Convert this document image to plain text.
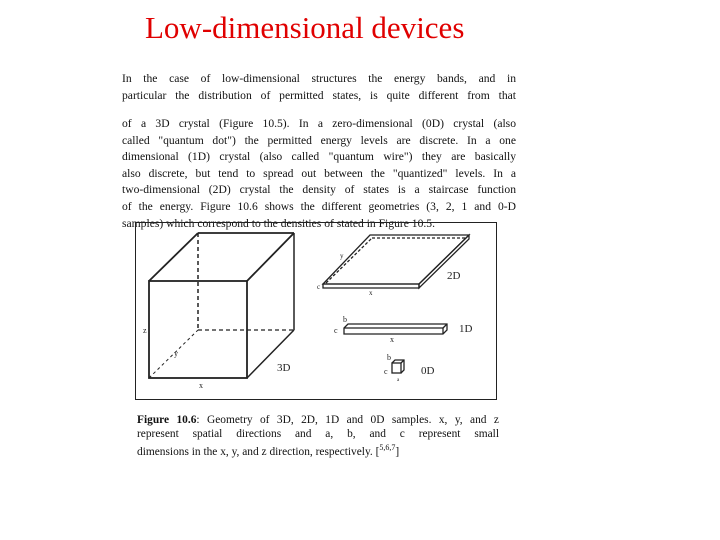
Low-dimensional devices
In the case of low-dimensional structures the energy bands, and in
particular the distribution of permitted states, is quite different from that
of a 3D crystal (Figure 10.5). In a zero-dimensional (0D) crystal (also
called "quantum dot") the permitted energy levels are discrete. In a one
dimensional (1D) crystal (also called "quantum wire") they are basically
also discrete, but tend to spread out between the "quantized" levels. In a
two-dimensional (2D) crystal the density of states is a staircase function
of the energy. Figure 10.6 shows the different geometries (3, 2, 1 and 0-D
samples) which correspond to the densities of stated in Figure 10.5.
3D
2D
1D
0D
x
y
z
x
y
c
x
b
c
a
b
c
Figure 10.6: Geometry of 3D, 2D, 1D and 0D samples. x, y, and z
represent spatial directions and a, b, and c represent small
dimensions in the x, y, and z direction, respectively. [$^{5,6,7}$]
